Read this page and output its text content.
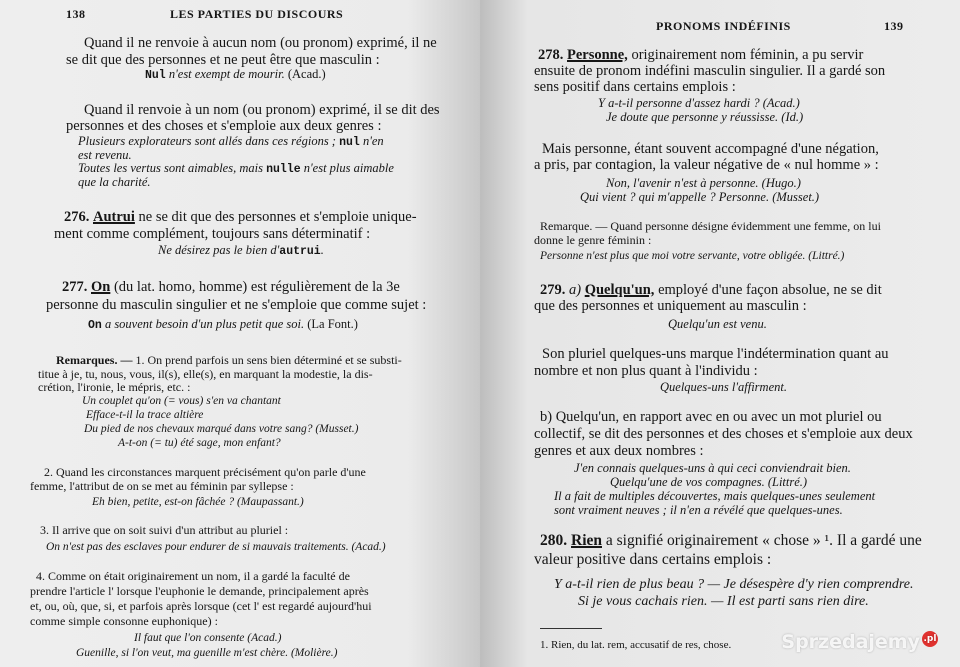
138	LES PARTIES DU DISCOURS
Quand il ne renvoie à aucun nom (ou pronom) exprimé, il ne
se dit que des personnes et ne peut être que masculin :
Nul n'est exempt de mourir. (Acad.)
Quand il renvoie à un nom (ou pronom) exprimé, il se dit des
personnes et des choses et s'emploie aux deux genres :
Plusieurs explorateurs sont allés dans ces régions ; nul n'en
est revenu.
Toutes les vertus sont aimables, mais nulle n'est plus aimable
que la charité.
276. Autrui ne se dit que des personnes et s'emploie unique-
ment comme complément, toujours sans déterminatif :
Ne désirez pas le bien d'autrui.
277. On (du lat. homo, homme) est régulièrement de la 3e
personne du masculin singulier et ne s'emploie que comme sujet :
On a souvent besoin d'un plus petit que soi. (La Font.)
Remarques. — 1. On prend parfois un sens bien déterminé et se substi-
titue à je, tu, nous, vous, il(s), elle(s), en marquant la modestie, la dis-
crétion, l'ironie, le mépris, etc. :
Un couplet qu'on (= vous) s'en va chantant
Efface-t-il la trace altière
Du pied de nos chevaux marqué dans votre sang? (Musset.)
A-t-on (= tu) été sage, mon enfant?
2. Quand les circonstances marquent précisément qu'on parle d'une
femme, l'attribut de on se met au féminin par syllepse :
Eh bien, petite, est-on fâchée ? (Maupassant.)
3. Il arrive que on soit suivi d'un attribut au pluriel :
On n'est pas des esclaves pour endurer de si mauvais traitements. (Acad.)
4. Comme on était originairement un nom, il a gardé la faculté de
prendre l'article l' lorsque l'euphonie le demande, principalement après
et, ou, où, que, si, et parfois après lorsque (cet l' est regardé aujourd'hui
comme simple consonne euphonique) :
Il faut que l'on consente (Acad.)
Guenille, si l'on veut, ma guenille m'est chère. (Molière.)
PRONOMS INDÉFINIS	139
278. Personne, originairement nom féminin, a pu servir
ensuite de pronom indéfini masculin singulier. Il a gardé son
sens positif dans certains emplois :
Y a-t-il personne d'assez hardi ? (Acad.)
Je doute que personne y réussisse. (Id.)
Mais personne, étant souvent accompagné d'une négation,
a pris, par contagion, la valeur négative de « nul homme » :
Non, l'avenir n'est à personne. (Hugo.)
Qui vient ? qui m'appelle ? Personne. (Musset.)
Remarque. — Quand personne désigne évidemment une femme, on lui
donne le genre féminin :
Personne n'est plus que moi votre servante, votre obligée. (Littré.)
279. a) Quelqu'un, employé d'une façon absolue, ne se dit
que des personnes et uniquement au masculin :
Quelqu'un est venu.
Son pluriel quelques-uns marque l'indétermination quant au
nombre et non plus quant à l'individu :
Quelques-uns l'affirment.
b) Quelqu'un, en rapport avec en ou avec un mot pluriel ou
collectif, se dit des personnes et des choses et s'emploie aux deux
genres et aux deux nombres :
J'en connais quelques-uns à qui ceci conviendrait bien.
Quelqu'une de vos compagnes. (Littré.)
Il a fait de multiples découvertes, mais quelques-unes seulement
sont vraiment neuves ; il n'en a révélé que quelques-unes.
280. Rien a signifié originairement « chose » ¹. Il a gardé une
valeur positive dans certains emplois :
Y a-t-il rien de plus beau ? — Je désespère d'y rien comprendre.
Si je vous cachais rien. — Il est parti sans rien dire.
1. Rien, du lat. rem, accusatif de res, chose.	Sprzedajemy .pl
